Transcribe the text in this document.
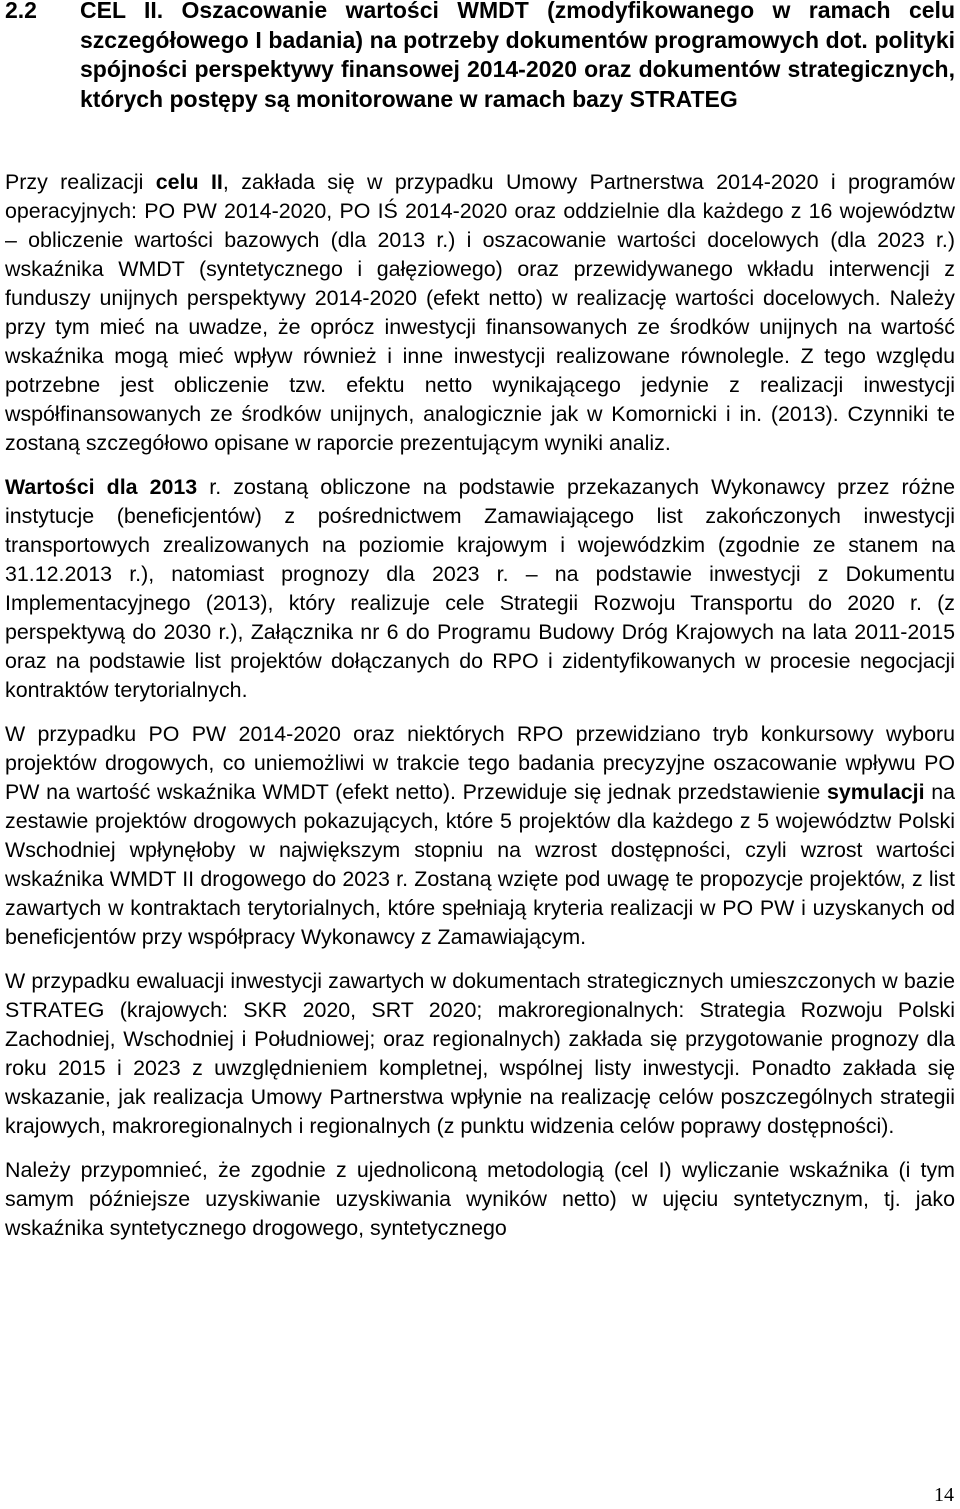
2.2	CEL II. Oszacowanie wartości WMDT (zmodyfikowanego w ramach celu szczegółowego I badania) na potrzeby dokumentów programowych dot. polityki spójności perspektywy finansowej 2014-2020 oraz dokumentów strategicznych, których postępy są monitorowane w ramach bazy STRATEG

Przy realizacji celu II, zakłada się w przypadku Umowy Partnerstwa 2014-2020 i programów operacyjnych: PO PW 2014-2020, PO IŚ 2014-2020 oraz oddzielnie dla każdego z 16 województw – obliczenie wartości bazowych (dla 2013 r.) i oszacowanie wartości docelowych (dla 2023 r.) wskaźnika WMDT (syntetycznego i gałęziowego) oraz przewidywanego wkładu interwencji z funduszy unijnych perspektywy 2014-2020 (efekt netto) w realizację wartości docelowych. Należy przy tym mieć na uwadze, że oprócz inwestycji finansowanych ze środków unijnych na wartość wskaźnika mogą mieć wpływ również i inne inwestycji realizowane równolegle. Z tego względu potrzebne jest obliczenie tzw. efektu netto wynikającego jedynie z realizacji inwestycji współfinansowanych ze środków unijnych, analogicznie jak w Komornicki i in. (2013). Czynniki te zostaną szczegółowo opisane w raporcie prezentującym wyniki analiz.

Wartości dla 2013 r. zostaną obliczone na podstawie przekazanych Wykonawcy przez różne instytucje (beneficjentów) z pośrednictwem Zamawiającego list zakończonych inwestycji transportowych zrealizowanych na poziomie krajowym i wojewódzkim (zgodnie ze stanem na 31.12.2013 r.), natomiast prognozy dla 2023 r. – na podstawie inwestycji z Dokumentu Implementacyjnego (2013), który realizuje cele Strategii Rozwoju Transportu do 2020 r. (z perspektywą do 2030 r.), Załącznika nr 6 do Programu Budowy Dróg Krajowych na lata 2011-2015 oraz na podstawie list projektów dołączanych do RPO i zidentyfikowanych w procesie negocjacji kontraktów terytorialnych.

W przypadku PO PW 2014-2020 oraz niektórych RPO przewidziano tryb konkursowy wyboru projektów drogowych, co uniemożliwi w trakcie tego badania precyzyjne oszacowanie wpływu PO PW na wartość wskaźnika WMDT (efekt netto). Przewiduje się jednak przedstawienie symulacji na zestawie projektów drogowych pokazujących, które 5 projektów dla każdego z 5 województw Polski Wschodniej wpłynęłoby w największym stopniu na wzrost dostępności, czyli wzrost wartości wskaźnika WMDT II drogowego do 2023 r. Zostaną wzięte pod uwagę te propozycje projektów, z list zawartych w kontraktach terytorialnych, które spełniają kryteria realizacji w PO PW i uzyskanych od beneficjentów przy współpracy Wykonawcy z Zamawiającym.

W przypadku ewaluacji inwestycji zawartych w dokumentach strategicznych umieszczonych w bazie STRATEG (krajowych: SKR 2020, SRT 2020; makroregionalnych: Strategia Rozwoju Polski Zachodniej, Wschodniej i Południowej; oraz regionalnych) zakłada się przygotowanie prognozy dla roku 2015 i 2023 z uwzględnieniem kompletnej, wspólnej listy inwestycji. Ponadto zakłada się wskazanie, jak realizacja Umowy Partnerstwa wpłynie na realizację celów poszczególnych strategii krajowych, makroregionalnych i regionalnych (z punktu widzenia celów poprawy dostępności).

Należy przypomnieć, że zgodnie z ujednoliconą metodologią (cel I) wyliczanie wskaźnika (i tym samym późniejsze uzyskiwanie uzyskiwania wyników netto) w ujęciu syntetycznym, tj. jako wskaźnika syntetycznego drogowego, syntetycznego

14
